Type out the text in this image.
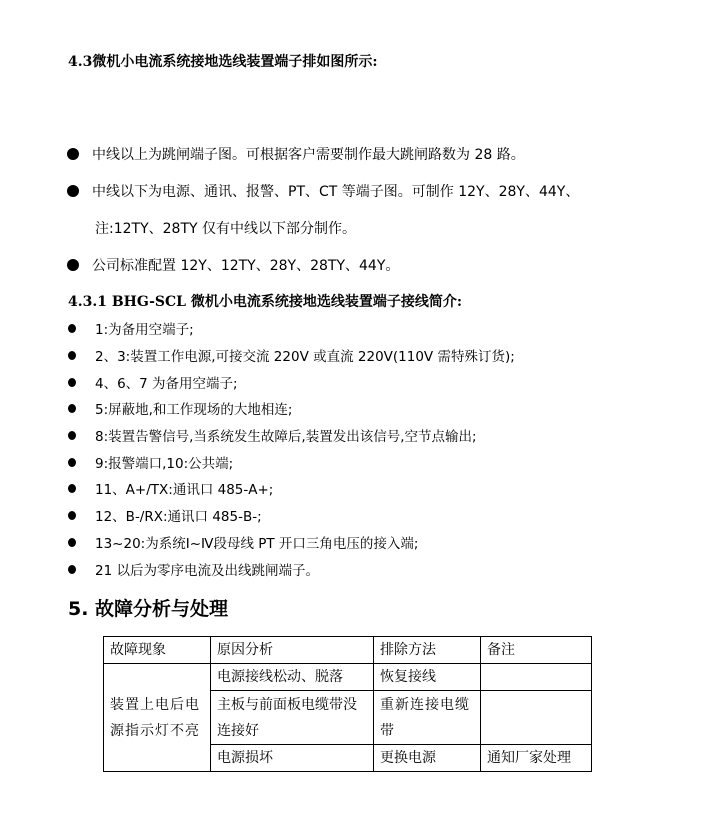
4.3微机小电流系统接地选线装置端子排如图所示:
中线以上为跳闸端子图。可根据客户需要制作最大跳闸路数为 28 路。
中线以下为电源、通讯、报警、PT、CT 等端子图。可制作 12Y、28Y、44Y、
注:12TY、28TY 仅有中线以下部分制作。
公司标准配置 12Y、12TY、28Y、28TY、44Y。
4.3.1 BHG-SCL 微机小电流系统接地选线装置端子接线简介:
1:为备用空端子;
2、3:装置工作电源,可接交流 220V 或直流 220V(110V 需特殊订货);
4、6、7 为备用空端子;
5:屏蔽地,和工作现场的大地相连;
8:装置告警信号,当系统发生故障后,装置发出该信号,空节点输出;
9:报警端口,10:公共端;
11、A+/TX:通讯口 485-A+;
12、B-/RX:通讯口 485-B-;
13~20:为系统Ⅰ~Ⅳ段母线 PT 开口三角电压的接入端;
21 以后为零序电流及出线跳闸端子。
5. 故障分析与处理
故障现象	原因分析	排除方法	备注
装置上电后电源指示灯不亮	电源接线松动、脱落	恢复接线	
	主板与前面板电缆带没连接好	重新连接电缆带	
	电源损坏	更换电源	通知厂家处理
